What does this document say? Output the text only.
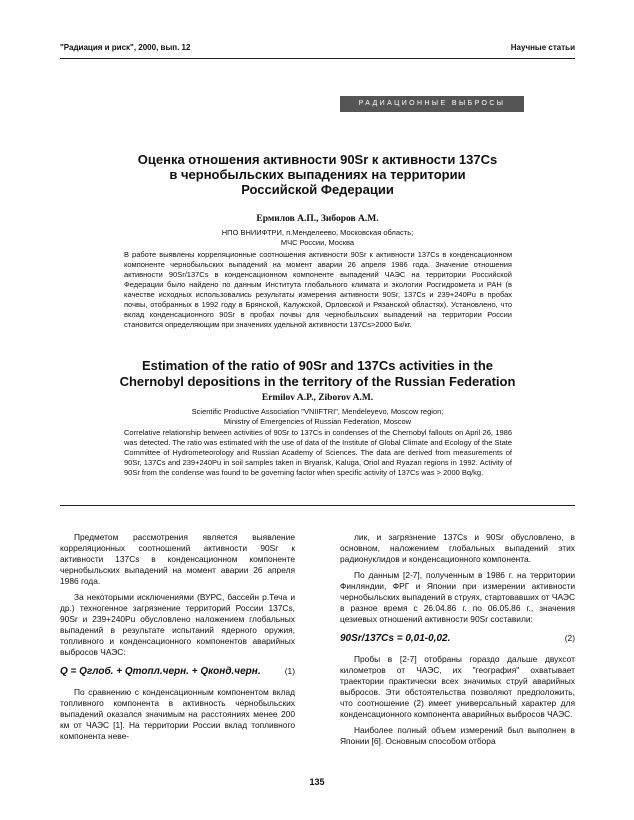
"Радиация и риск", 2000, вып. 12	Научные статьи
РАДИАЦИОННЫЕ ВЫБРОСЫ
Оценка отношения активности 90Sr к активности 137Cs
в чернобыльских выпадениях на территории
Российской Федерации
Ермилов А.П., Зиборов А.М.
НПО ВНИИФТРИ, п.Менделеево, Московская область;
МЧС России, Москва
В работе выявлены корреляционные соотношения активности 90Sr к активности 137Cs в конденсационном компоненте чернобыльских выпадений на момент аварии 26 апреля 1986 года. Значение отношения активности 90Sr/137Cs в конденсационном компоненте выпадений ЧАЭС на территории Российской Федерации было найдено по данным Института глобального климата и экологии Росгидромета и РАН (в качестве исходных использовались результаты измерения активности 90Sr, 137Cs и 239+240Pu в пробах почвы, отобранных в 1992 году в Брянской, Калужской, Орловской и Рязанской областях). Установлено, что вклад конденсационного 90Sr в пробах почвы для чернобыльских выпадений на территории России становится определяющим при значениях удельной активности 137Cs>2000 Бк/кг.
Estimation of the ratio of 90Sr and 137Cs activities in the
Chernobyl depositions in the territory of the Russian Federation
Ermilov A.P., Ziborov A.M.
Scientific Productive Association "VNIIFTRI", Mendeleyevo, Moscow region;
Ministry of Emergencies of Russian Federation, Moscow
Correlative relationship between activities of 90Sr to 137Cs in condenses of the Chernobyl fallouts on April 26, 1986 was detected. The ratio was estimated with the use of data of the Institute of Global Climate and Ecology of the State Committee of Hydrometeorology and Russian Academy of Sciences. The data are derived from measurements of 90Sr, 137Cs and 239+240Pu in soil samples taken in Bryansk, Kaluga, Oriol and Ryazan regions in 1992. Activity of 90Sr from the condense was found to be governing factor when specific activity of 137Cs was > 2000 Bq/kg.

Предметом рассмотрения является выявление корреляционных соотношений активности 90Sr к активности 137Cs в конденсационном компоненте чернобыльских выпадений на момент аварии 26 апреля 1986 года.

За некоторыми исключениями (ВУРС, бассейн р.Теча и др.) техногенное загрязнение территорий России 137Cs, 90Sr и 239+240Pu обусловлено наложением глобальных выпадений в результате испытаний ядерного оружия, топливного и конденсационного компонентов аварийных выбросов ЧАЭС:

Q = Qглоб. + Qтопл.черн. + Qконд.черн.	(1)

По сравнению с конденсационным компонентом вклад топливного компонента в активность чернобыльских выпадений оказался значимым на расстояниях менее 200 км от ЧАЭС [1]. На территории России вклад топливного компонента неве-

лик, и загрязнение 137Cs и 90Sr обусловлено, в основном, наложением глобальных выпадений этих радионуклидов и конденсационного компонента.

По данным [2-7], полученным в 1986 г. на территории Финляндии, ФРГ и Японии при измерении активности чернобыльских выпадений в струях, стартовавших от ЧАЭС в разное время с 26.04.86 г. по 06.05.86 г., значения цезиевых отношений активности 90Sr составили:

90Sr/137Cs = 0,01-0,02.	(2)

Пробы в [2-7] отобраны гораздо дальше двухсот километров от ЧАЭС, их "география" охватывает траектории практически всех значимых струй аварийных выбросов. Эти обстоятельства позволяют предположить, что соотношение (2) имеет универсальный характер для конденсационного компонента аварийных выбросов ЧАЭС.

Наиболее полный объем измерений был выполнен в Японии [6]. Основным способом отбора

135
